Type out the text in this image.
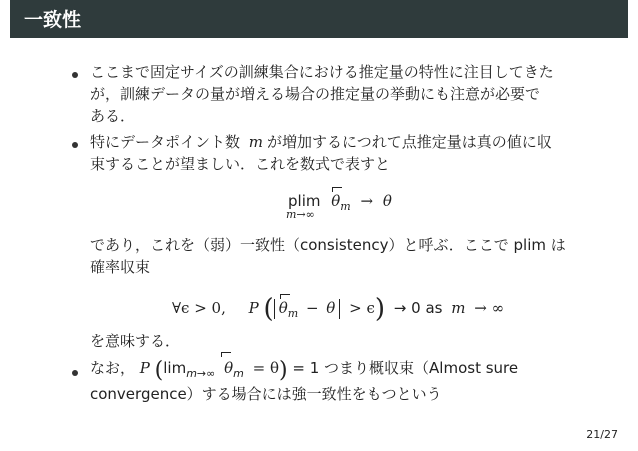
一致性
ここまで固定サイズの訓練集合における推定量の特性に注目してきた
が，訓練データの量が増える場合の推定量の挙動にも注意が必要で
ある．
特にデータポイント数 m が増加するにつれて点推定量は真の値に収
束することが望ましい．これを数式で表すと
plim
m→∞
$\theta_m \to \theta$
であり，これを（弱）一致性（consistency）と呼ぶ．ここで plim は
確率収束
∀ϵ > 0, P ( $\theta_m - \theta > \epsilon) \to 0$ as m → ∞
を意味する．
なお， P ($\lim_{m\to\infty}$ $\theta_m = \theta) = 1$ つまり概収束（Almost sure
convergence）する場合には強一致性をもつという
21/27
